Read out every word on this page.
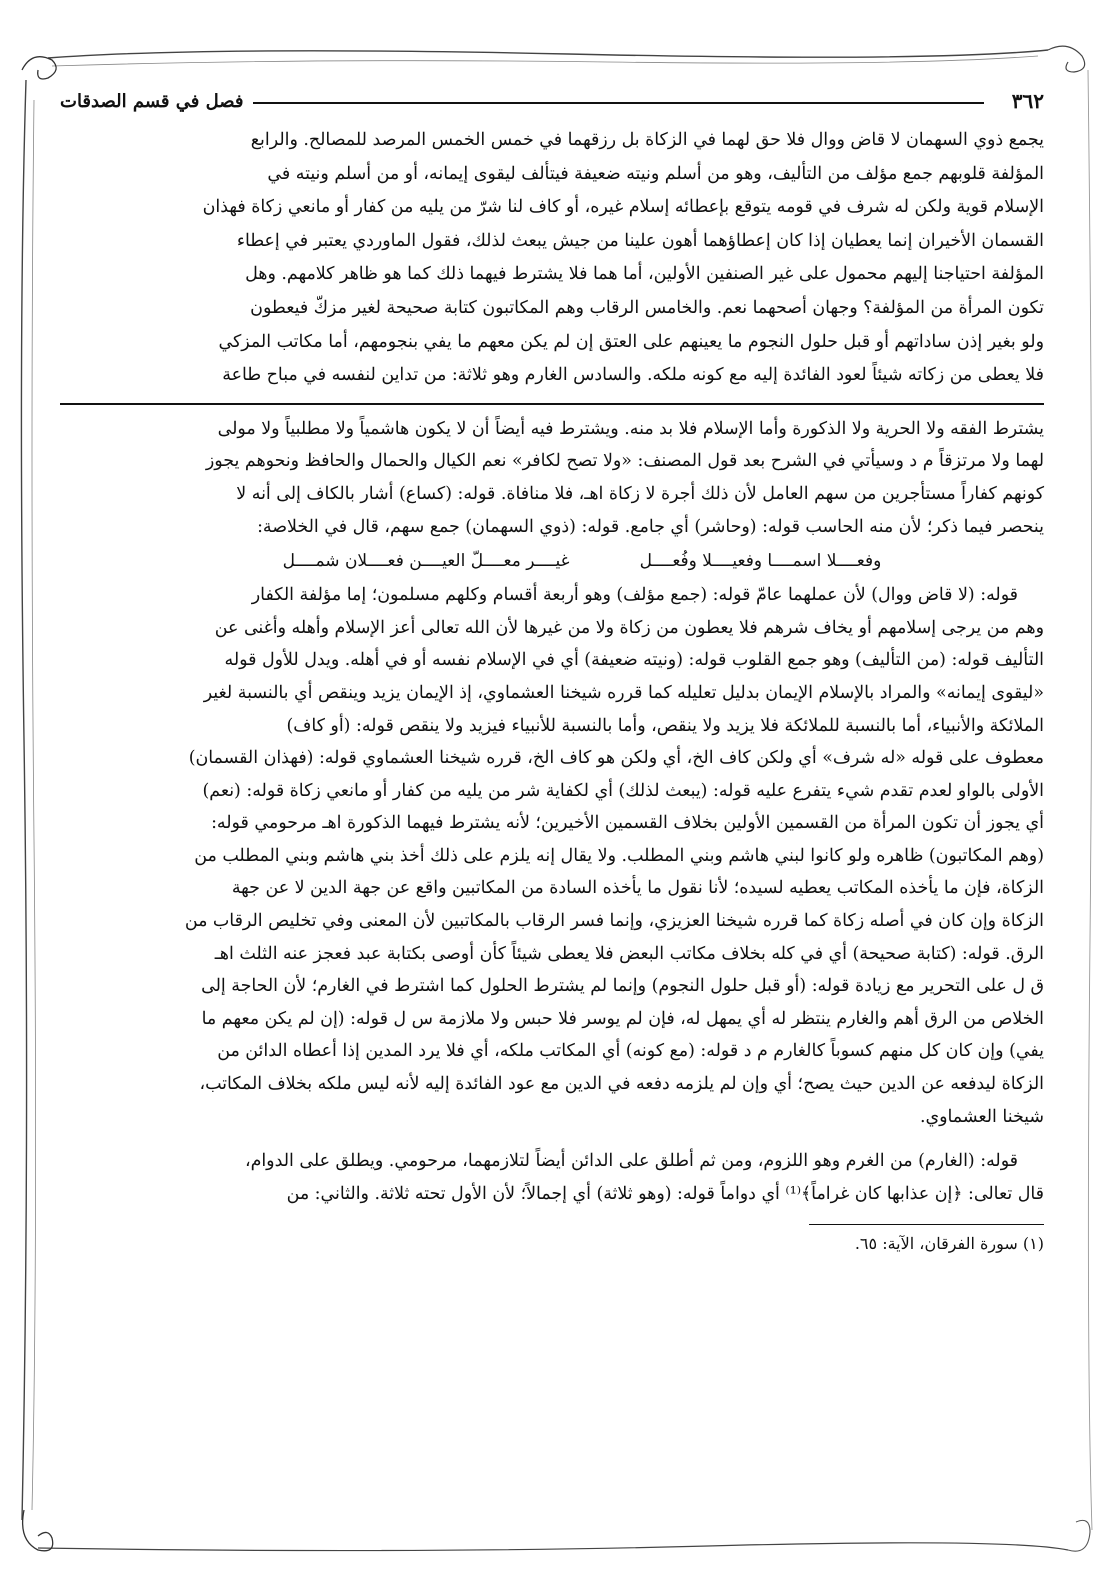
٣٦٢
فصل في قسم الصدقات

يجمع ذوي السهمان لا قاض ووال فلا حق لهما في الزكاة بل رزقهما في خمس الخمس المرصد للمصالح. والرابع

المؤلفة قلوبهم جمع مؤلف من التأليف، وهو من أسلم ونيته ضعيفة فيتألف ليقوى إيمانه، أو من أسلم ونيته في

الإسلام قوية ولكن له شرف في قومه يتوقع بإعطائه إسلام غيره، أو كاف لنا شرّ من يليه من كفار أو مانعي زكاة فهذان

القسمان الأخيران إنما يعطيان إذا كان إعطاؤهما أهون علينا من جيش يبعث لذلك، فقول الماوردي يعتبر في إعطاء

المؤلفة احتياجنا إليهم محمول على غير الصنفين الأولين، أما هما فلا يشترط فيهما ذلك كما هو ظاهر كلامهم. وهل

تكون المرأة من المؤلفة؟ وجهان أصحهما نعم. والخامس الرقاب وهم المكاتبون كتابة صحيحة لغير مزكّ فيعطون

ولو بغير إذن ساداتهم أو قبل حلول النجوم ما يعينهم على العتق إن لم يكن معهم ما يفي بنجومهم، أما مكاتب المزكي

فلا يعطى من زكاته شيئاً لعود الفائدة إليه مع كونه ملكه. والسادس الغارم وهو ثلاثة: من تداين لنفسه في مباح طاعة

يشترط الفقه ولا الحرية ولا الذكورة وأما الإسلام فلا بد منه. ويشترط فيه أيضاً أن لا يكون هاشمياً ولا مطلبياً ولا مولى

لهما ولا مرتزقاً م د وسيأتي في الشرح بعد قول المصنف: «ولا تصح لكافر» نعم الكيال والحمال والحافظ ونحوهم يجوز

كونهم كفاراً مستأجرين من سهم العامل لأن ذلك أجرة لا زكاة اهـ، فلا منافاة. قوله: (كساع) أشار بالكاف إلى أنه لا

ينحصر فيما ذكر؛ لأن منه الحاسب قوله: (وحاشر) أي جامع. قوله: (ذوي السهمان) جمع سهم، قال في الخلاصة:

وفعــــلا اسمــــا وفعيــــلا وفُعــــل
غيــــر معــــلّ العيــــن فعــــلان شمــــل

قوله: (لا قاض ووال) لأن عملهما عامّ قوله: (جمع مؤلف) وهو أربعة أقسام وكلهم مسلمون؛ إما مؤلفة الكفار

وهم من يرجى إسلامهم أو يخاف شرهم فلا يعطون من زكاة ولا من غيرها لأن الله تعالى أعز الإسلام وأهله وأغنى عن

التأليف قوله: (من التأليف) وهو جمع القلوب قوله: (ونيته ضعيفة) أي في الإسلام نفسه أو في أهله. ويدل للأول قوله

«ليقوى إيمانه» والمراد بالإسلام الإيمان بدليل تعليله كما قرره شيخنا العشماوي، إذ الإيمان يزيد وينقص أي بالنسبة لغير

الملائكة والأنبياء، أما بالنسبة للملائكة فلا يزيد ولا ينقص، وأما بالنسبة للأنبياء فيزيد ولا ينقص قوله: (أو كاف)

معطوف على قوله «له شرف» أي ولكن كاف الخ، أي ولكن هو كاف الخ، قرره شيخنا العشماوي قوله: (فهذان القسمان)

الأولى بالواو لعدم تقدم شيء يتفرع عليه قوله: (يبعث لذلك) أي لكفاية شر من يليه من كفار أو مانعي زكاة قوله: (نعم)

أي يجوز أن تكون المرأة من القسمين الأولين بخلاف القسمين الأخيرين؛ لأنه يشترط فيهما الذكورة اهـ مرحومي قوله:

(وهم المكاتبون) ظاهره ولو كانوا لبني هاشم وبني المطلب. ولا يقال إنه يلزم على ذلك أخذ بني هاشم وبني المطلب من

الزكاة، فإن ما يأخذه المكاتب يعطيه لسيده؛ لأنا نقول ما يأخذه السادة من المكاتبين واقع عن جهة الدين لا عن جهة

الزكاة وإن كان في أصله زكاة كما قرره شيخنا العزيزي، وإنما فسر الرقاب بالمكاتبين لأن المعنى وفي تخليص الرقاب من

الرق. قوله: (كتابة صحيحة) أي في كله بخلاف مكاتب البعض فلا يعطى شيئاً كأن أوصى بكتابة عبد فعجز عنه الثلث اهـ

ق ل على التحرير مع زيادة قوله: (أو قبل حلول النجوم) وإنما لم يشترط الحلول كما اشترط في الغارم؛ لأن الحاجة إلى

الخلاص من الرق أهم والغارم ينتظر له أي يمهل له، فإن لم يوسر فلا حبس ولا ملازمة س ل قوله: (إن لم يكن معهم ما

يفي) وإن كان كل منهم كسوباً كالغارم م د قوله: (مع كونه) أي المكاتب ملكه، أي فلا يرد المدين إذا أعطاه الدائن من

الزكاة ليدفعه عن الدين حيث يصح؛ أي وإن لم يلزمه دفعه في الدين مع عود الفائدة إليه لأنه ليس ملكه بخلاف المكاتب،

شيخنا العشماوي.

قوله: (الغارم) من الغرم وهو اللزوم، ومن ثم أطلق على الدائن أيضاً لتلازمهما، مرحومي. ويطلق على الدوام،

قال تعالى: ﴿إن عذابها كان غراماً﴾⁽¹⁾ أي دواماً قوله: (وهو ثلاثة) أي إجمالاً؛ لأن الأول تحته ثلاثة. والثاني: من

(١) سورة الفرقان، الآية: ٦٥.
